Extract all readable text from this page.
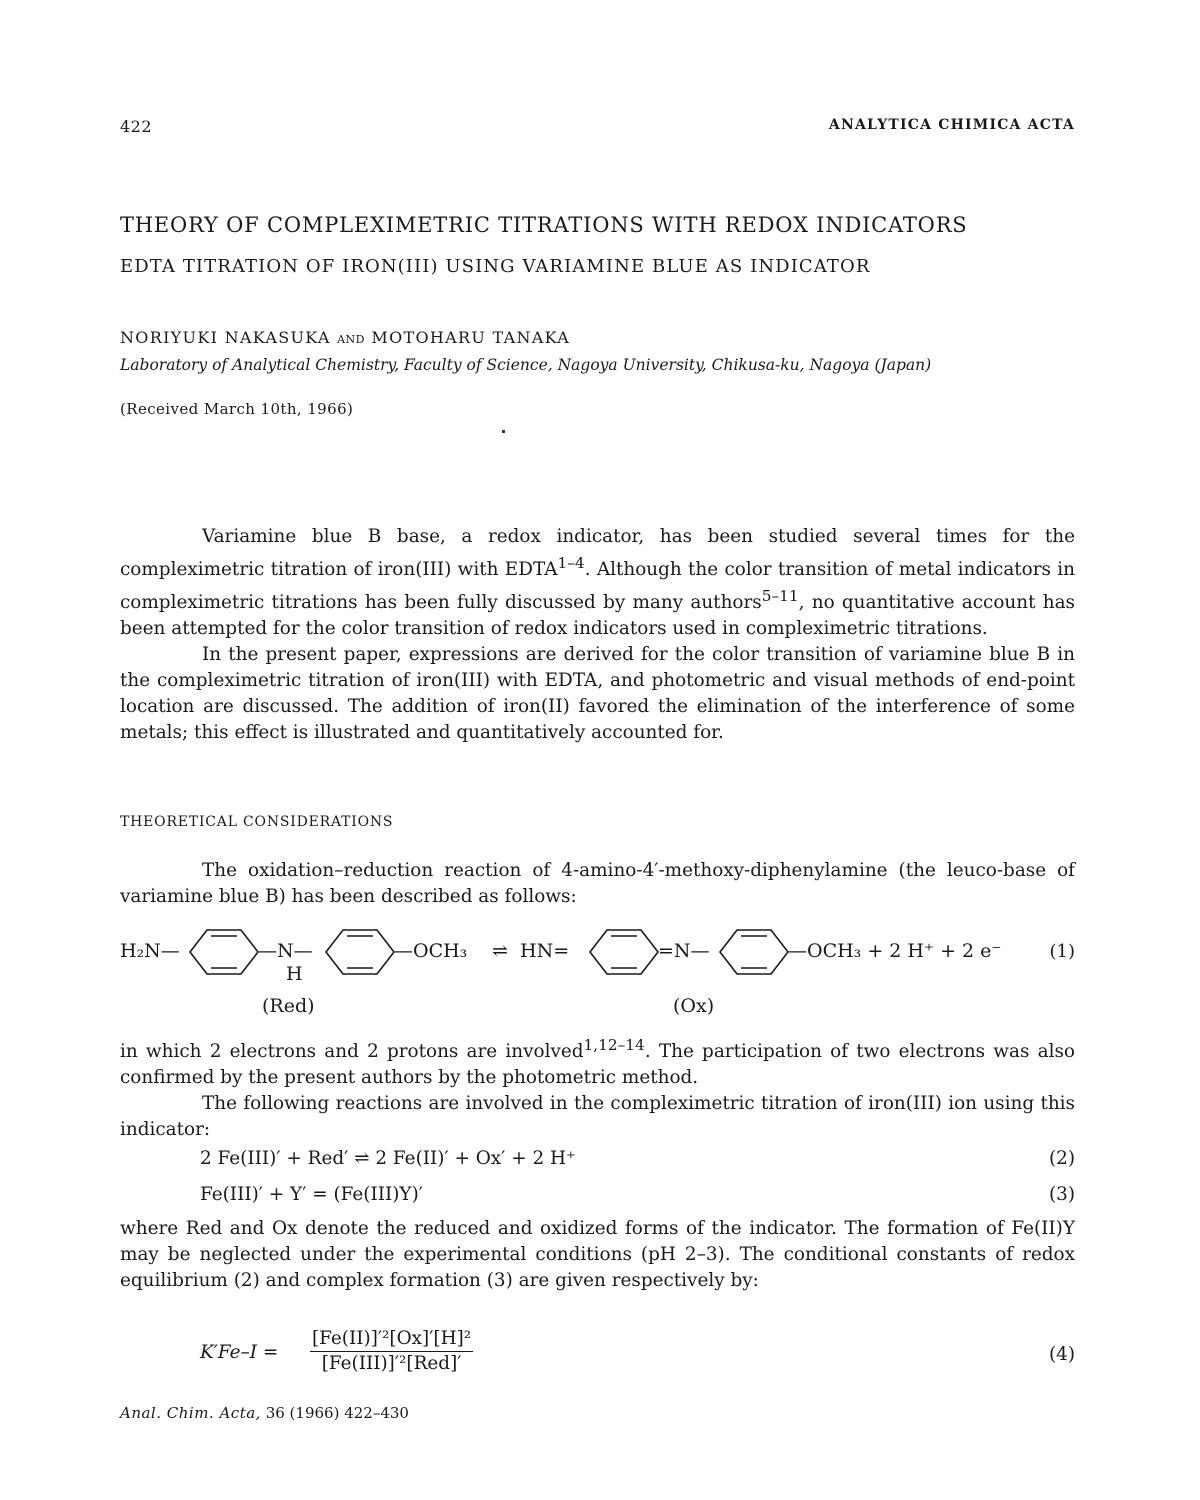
422	ANALYTICA CHIMICA ACTA
THEORY OF COMPLEXIMETRIC TITRATIONS WITH REDOX INDICATORS
EDTA TITRATION OF IRON(III) USING VARIAMINE BLUE AS INDICATOR
NORIYUKI NAKASUKA AND MOTOHARU TANAKA
Laboratory of Analytical Chemistry, Faculty of Science, Nagoya University, Chikusa-ku, Nagoya (Japan)
(Received March 10th, 1966)

Variamine blue B base, a redox indicator, has been studied several times for the compleximetric titration of iron(III) with EDTA$^{1-4}$. Although the color transition of metal indicators in compleximetric titrations has been fully discussed by many authors$^{5-11}$, no quantitative account has been attempted for the color transition of redox indicators used in compleximetric titrations.

In the present paper, expressions are derived for the color transition of variamine blue B in the compleximetric titration of iron(III) with EDTA, and photometric and visual methods of end-point location are discussed. The addition of iron(II) favored the elimination of the interference of some metals; this effect is illustrated and quantitatively accounted for.

THEORETICAL CONSIDERATIONS

The oxidation–reduction reaction of 4-amino-4′-methoxy-diphenylamine (the leuco-base of variamine blue B) has been described as follows:

H₂N—	—N—
H
—OCH₃ ⇌ HN=	=N—	—OCH₃ + 2 H⁺ + 2 e⁻	(1)
(Red)	(Ox)

in which 2 electrons and 2 protons are involved$^{1,12-14}$. The participation of two electrons was also confirmed by the present authors by the photometric method.

The following reactions are involved in the compleximetric titration of iron(III) ion using this indicator:

2 Fe(III)′ + Red′ ⇌ 2 Fe(II)′ + Ox′ + 2 H⁺	(2)
Fe(III)′ + Y′ = (Fe(III)Y)′	(3)

where Red and Ox denote the reduced and oxidized forms of the indicator. The formation of Fe(II)Y may be neglected under the experimental conditions (pH 2–3). The conditional constants of redox equilibrium (2) and complex formation (3) are given respectively by:

K′Fe–I =
[Fe(II)]′²[Ox]′[H]²
[Fe(III)]′²[Red]′	(4)
Anal. Chim. Acta, 36 (1966) 422–430
